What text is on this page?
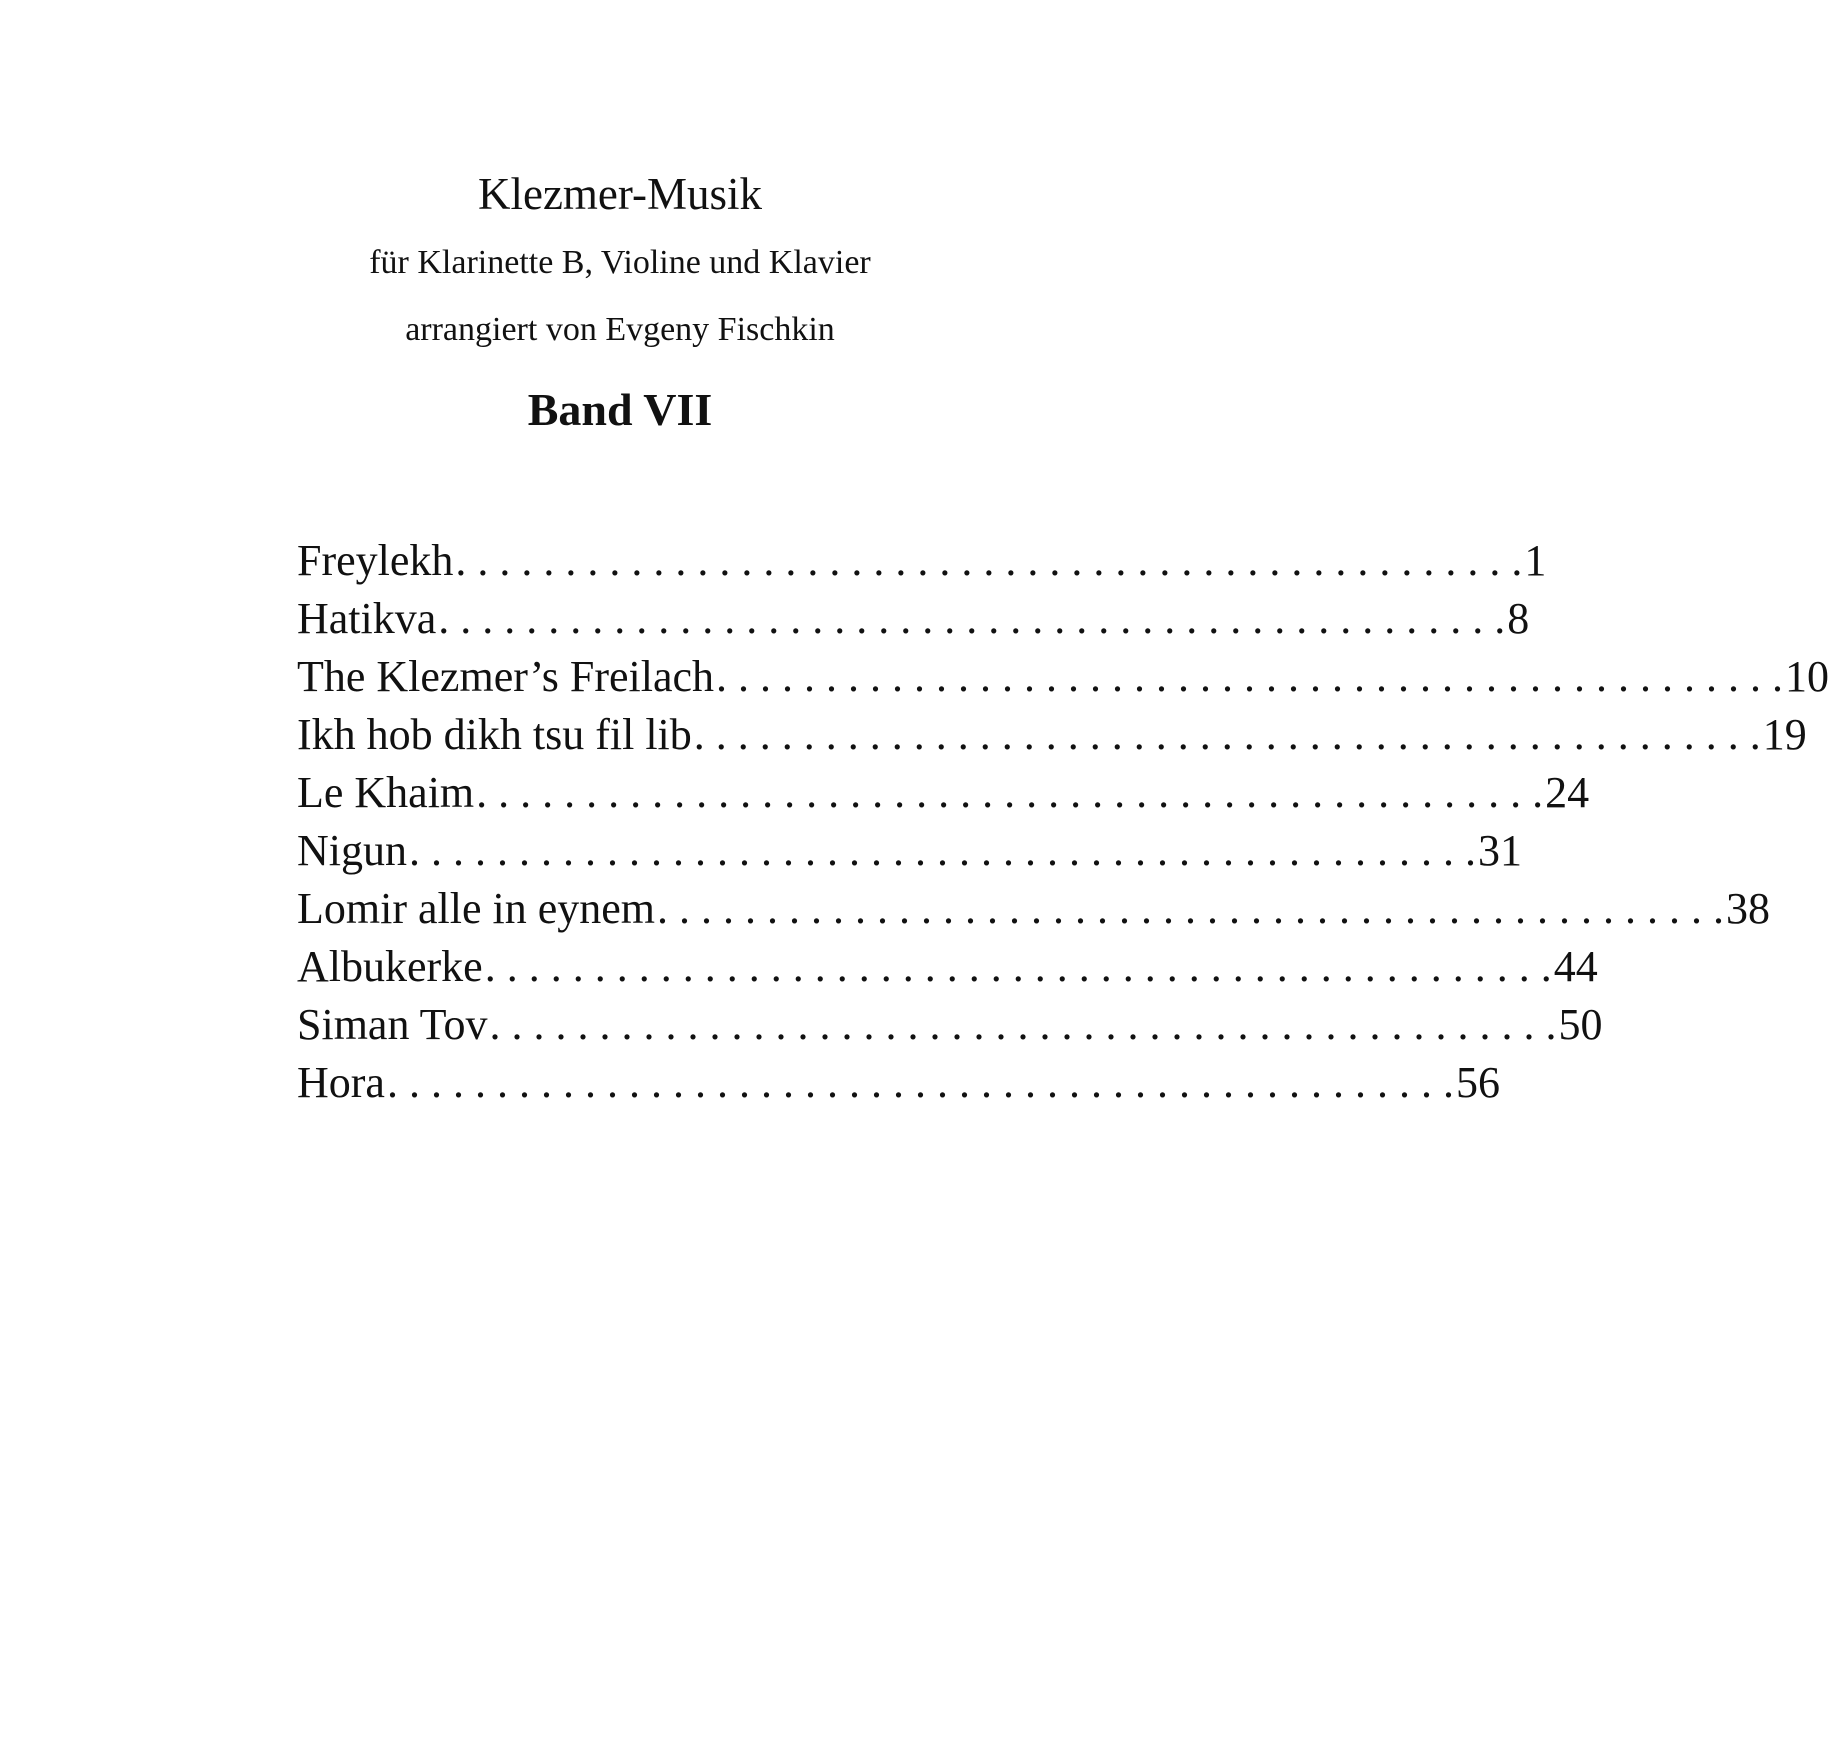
Klezmer-Musik
für Klarinette B, Violine und Klavier
arrangiert von Evgeny Fischkin
Band VII
Freylekh . . . . . . . . . . . . . . . . . . . . . . . . . . . . . . . . . . . . . . . . . . . . . . . . . 1
Hatikva . . . . . . . . . . . . . . . . . . . . . . . . . . . . . . . . . . . . . . . . . . . . . . . . . 8
The Klezmer’s Freilach . . . . . . . . . . . . . . . . . . . . . . . . . . . . . . . . . . . . . . . . . . . . . . . . . 10
Ikh hob dikh tsu fil lib . . . . . . . . . . . . . . . . . . . . . . . . . . . . . . . . . . . . . . . . . . . . . . . . . 19
Le Khaim . . . . . . . . . . . . . . . . . . . . . . . . . . . . . . . . . . . . . . . . . . . . . . . . . 24
Nigun . . . . . . . . . . . . . . . . . . . . . . . . . . . . . . . . . . . . . . . . . . . . . . . . . 31
Lomir alle in eynem . . . . . . . . . . . . . . . . . . . . . . . . . . . . . . . . . . . . . . . . . . . . . . . . . 38
Albukerke . . . . . . . . . . . . . . . . . . . . . . . . . . . . . . . . . . . . . . . . . . . . . . . . . 44
Siman Tov . . . . . . . . . . . . . . . . . . . . . . . . . . . . . . . . . . . . . . . . . . . . . . . . . 50
Hora . . . . . . . . . . . . . . . . . . . . . . . . . . . . . . . . . . . . . . . . . . . . . . . . . 56
